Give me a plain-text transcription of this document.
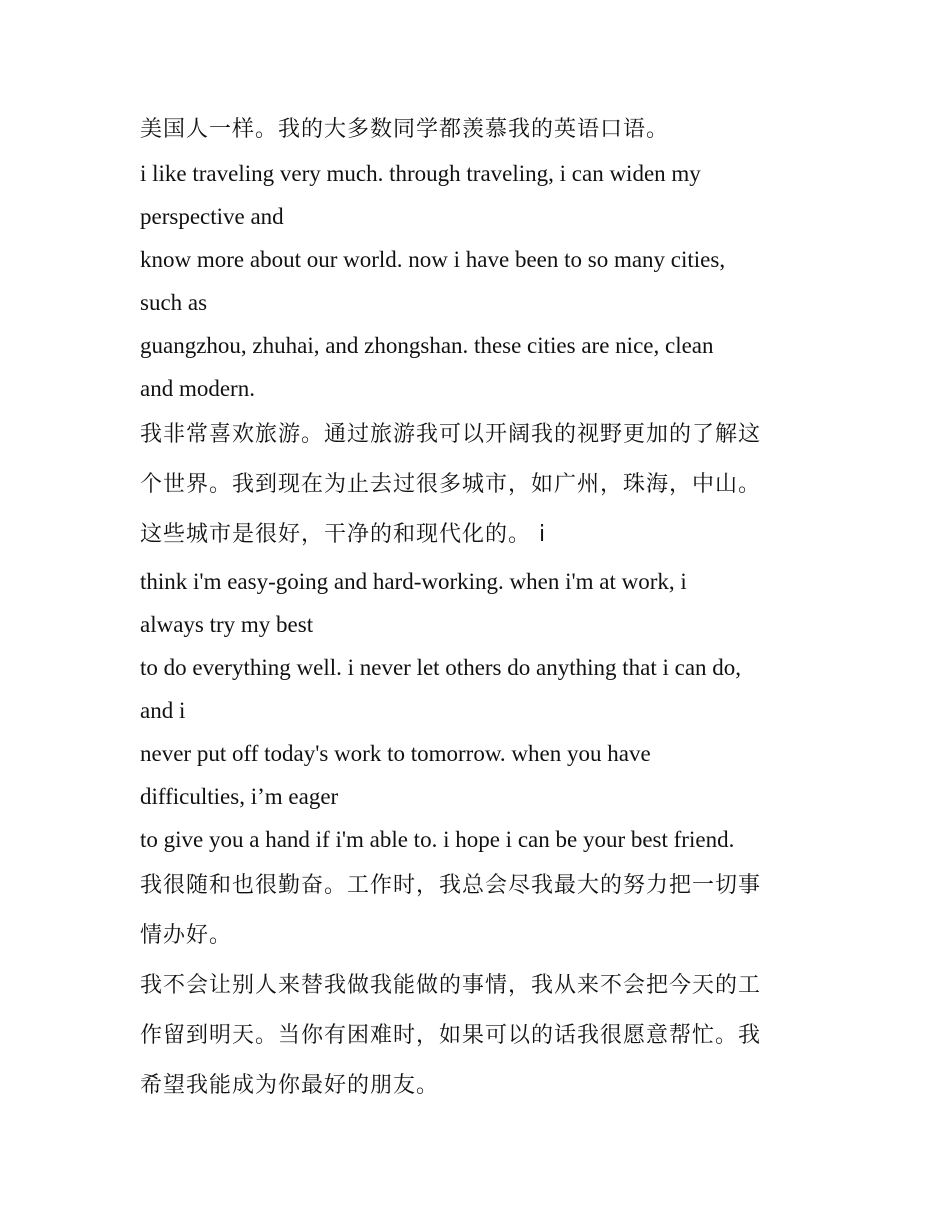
美国人一样。我的大多数同学都羡慕我的英语口语。

i like traveling very much. through traveling, i can widen my

perspective and

know more about our world. now i have been to so many cities,

such as

guangzhou, zhuhai, and zhongshan. these cities are nice, clean

and modern.

我非常喜欢旅游。通过旅游我可以开阔我的视野更加的了解这

个世界。我到现在为止去过很多城市，如广州，珠海，中山。

这些城市是很好，干净的和现代化的。 i

think i'm easy-going and hard-working. when i'm at work, i

always try my best

to do everything well. i never let others do anything that i can do,

and i

never put off today's work to tomorrow. when you have

difficulties, i’m eager

to give you a hand if i'm able to. i hope i can be your best friend.

我很随和也很勤奋。工作时，我总会尽我最大的努力把一切事

情办好。

我不会让别人来替我做我能做的事情，我从来不会把今天的工

作留到明天。当你有困难时，如果可以的话我很愿意帮忙。我

希望我能成为你最好的朋友。
